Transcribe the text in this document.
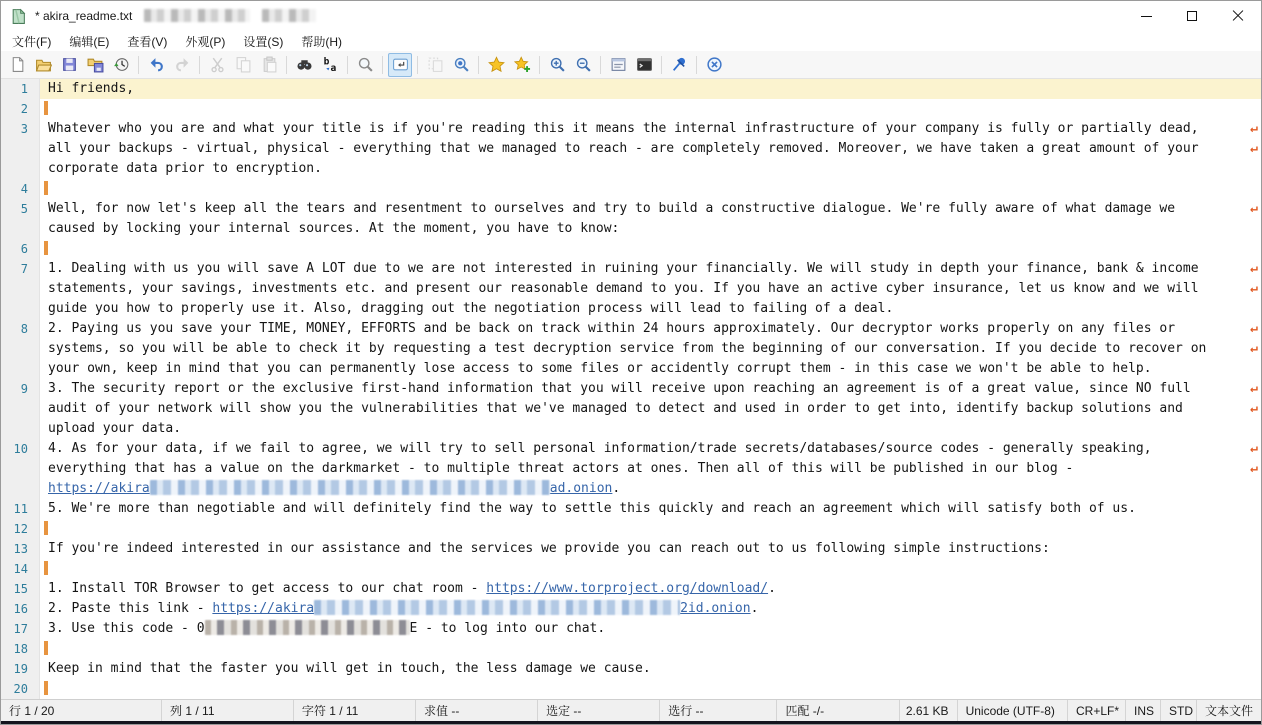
* akira_readme.txt
文件(F)	编辑(E)	查看(V)	外观(P)	设置(S)	帮助(H)
b
a
1	Hi friends,
2
3	Whatever who you are and what your title is if you're reading this it means the internal infrastructure of your company is fully or partially dead,	↵
all your backups - virtual, physical - everything that we managed to reach - are completely removed. Moreover, we have taken a great amount of your	↵
corporate data prior to encryption.
4
5	Well, for now let's keep all the tears and resentment to ourselves and try to build a constructive dialogue. We're fully aware of what damage we	↵
caused by locking your internal sources. At the moment, you have to know:
6
7	1. Dealing with us you will save A LOT due to we are not interested in ruining your financially. We will study in depth your finance, bank & income	↵
statements, your savings, investments etc. and present our reasonable demand to you. If you have an active cyber insurance, let us know and we will	↵
guide you how to properly use it. Also, dragging out the negotiation process will lead to failing of a deal.
8	2. Paying us you save your TIME, MONEY, EFFORTS and be back on track within 24 hours approximately. Our decryptor works properly on any files or	↵
systems, so you will be able to check it by requesting a test decryption service from the beginning of our conversation. If you decide to recover on	↵
your own, keep in mind that you can permanently lose access to some files or accidently corrupt them - in this case we won't be able to help.
9	3. The security report or the exclusive first-hand information that you will receive upon reaching an agreement is of a great value, since NO full	↵
audit of your network will show you the vulnerabilities that we've managed to detect and used in order to get into, identify backup solutions and	↵
upload your data.
10	4. As for your data, if we fail to agree, we will try to sell personal information/trade secrets/databases/source codes - generally speaking,	↵
everything that has a value on the darkmarket - to multiple threat actors at ones. Then all of this will be published in our blog -	↵
https://akira	ad.onion.
11	5. We're more than negotiable and will definitely find the way to settle this quickly and reach an agreement which will satisfy both of us.
12
13	If you're indeed interested in our assistance and the services we provide you can reach out to us following simple instructions:
14
15	1. Install TOR Browser to get access to our chat room - https://www.torproject.org/download/.
16	2. Paste this link - https://akira	2id.onion.
17	3. Use this code - 0	E - to log into our chat.
18
19	Keep in mind that the faster you will get in touch, the less damage we cause.
20
行 1 / 20	列 1 / 11	字符 1 / 11	求值 --	选定 --	选行 --	匹配 -/-	2.61 KB	Unicode (UTF-8)	CR+LF*	INS	STD	文本文件
